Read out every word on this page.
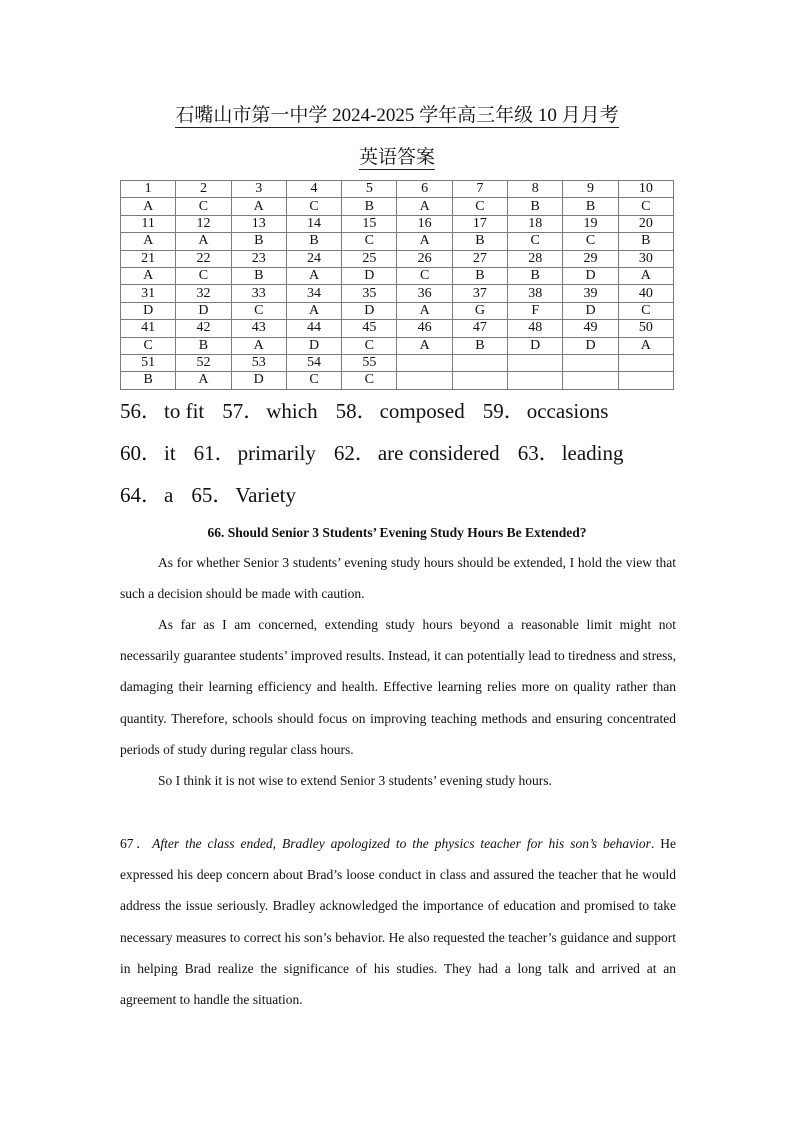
石嘴山市第一中学 2024-2025 学年高三年级 10 月月考
英语答案
1	2	3	4	5	6	7	8	9	10
A	C	A	C	B	A	C	B	B	C
11	12	13	14	15	16	17	18	19	20
A	A	B	B	C	A	B	C	C	B
21	22	23	24	25	26	27	28	29	30
A	C	B	A	D	C	B	B	D	A
31	32	33	34	35	36	37	38	39	40
D	D	C	A	D	A	G	F	D	C
41	42	43	44	45	46	47	48	49	50
C	B	A	D	C	A	B	D	D	A
51	52	53	54	55					
B	A	D	C	C					
56．to fit 57．which 58．composed 59．occasions
60．it 61．primarily 62．are considered 63．leading
64．a 65．Variety
66. Should Senior 3 Students’ Evening Study Hours Be Extended?
As for whether Senior 3 students’ evening study hours should be extended, I hold the view that such a decision should be made with caution.
As far as I am concerned, extending study hours beyond a reasonable limit might not necessarily guarantee students’ improved results. Instead, it can potentially lead to tiredness and stress, damaging their learning efficiency and health. Effective learning relies more on quality rather than quantity. Therefore, schools should focus on improving teaching methods and ensuring concentrated periods of study during regular class hours.
So I think it is not wise to extend Senior 3 students’ evening study hours.
67．After the class ended, Bradley apologized to the physics teacher for his son’s behavior. He expressed his deep concern about Brad’s loose conduct in class and assured the teacher that he would address the issue seriously. Bradley acknowledged the importance of education and promised to take necessary measures to correct his son’s behavior. He also requested the teacher’s guidance and support in helping Brad realize the significance of his studies. They had a long talk and arrived at an agreement to handle the situation.
